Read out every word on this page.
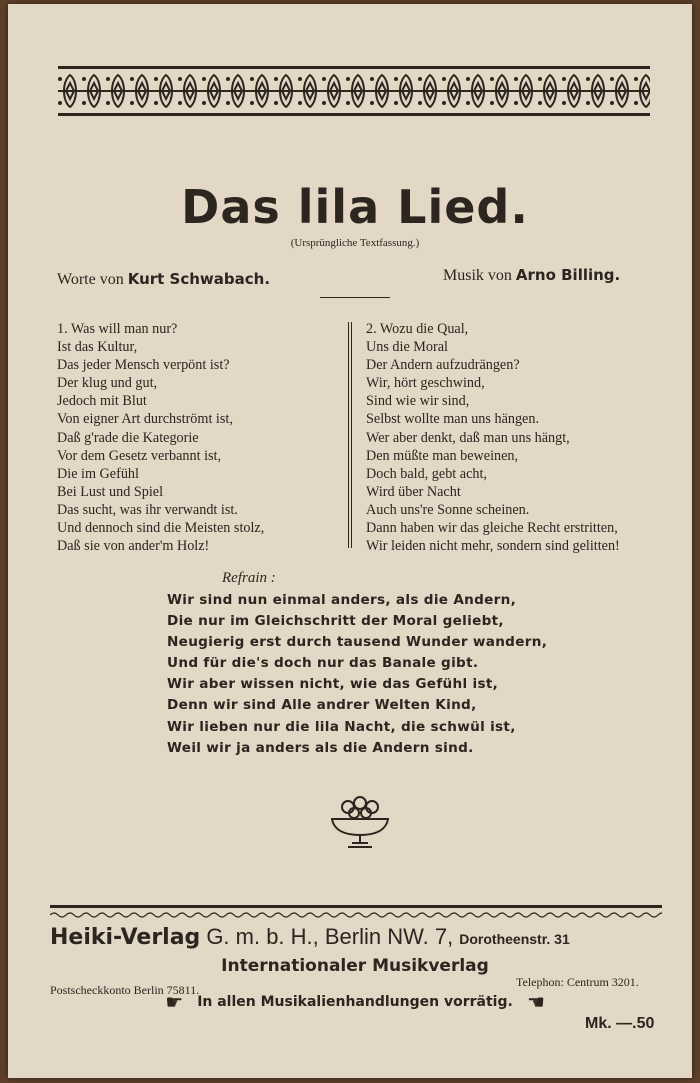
Das lila Lied.
(Ursprüngliche Textfassung.)
Worte von Kurt Schwabach.	Musik von Arno Billing.
1. Was will man nur?
Ist das Kultur,
Das jeder Mensch verpönt ist?
Der klug und gut,
Jedoch mit Blut
Von eigner Art durchströmt ist,
Daß g'rade die Kategorie
Vor dem Gesetz verbannt ist,
Die im Gefühl
Bei Lust und Spiel
Das sucht, was ihr verwandt ist.
Und dennoch sind die Meisten stolz,
Daß sie von ander'm Holz!
2. Wozu die Qual,
Uns die Moral
Der Andern aufzudrängen?
Wir, hört geschwind,
Sind wie wir sind,
Selbst wollte man uns hängen.
Wer aber denkt, daß man uns hängt,
Den müßte man beweinen,
Doch bald, gebt acht,
Wird über Nacht
Auch uns're Sonne scheinen.
Dann haben wir das gleiche Recht erstritten,
Wir leiden nicht mehr, sondern sind gelitten!
Refrain :
Wir sind nun einmal anders, als die Andern,
Die nur im Gleichschritt der Moral geliebt,
Neugierig erst durch tausend Wunder wandern,
Und für die's doch nur das Banale gibt.
Wir aber wissen nicht, wie das Gefühl ist,
Denn wir sind Alle andrer Welten Kind,
Wir lieben nur die lila Nacht, die schwül ist,
Weil wir ja anders als die Andern sind.
Heiki-Verlag G. m. b. H., Berlin NW. 7, Dorotheenstr. 31
Internationaler Musikverlag
Postscheckkonto Berlin 75811.
Telephon: Centrum 3201.
☛ In allen Musikalienhandlungen vorrätig. ☛
Mk. —.50
